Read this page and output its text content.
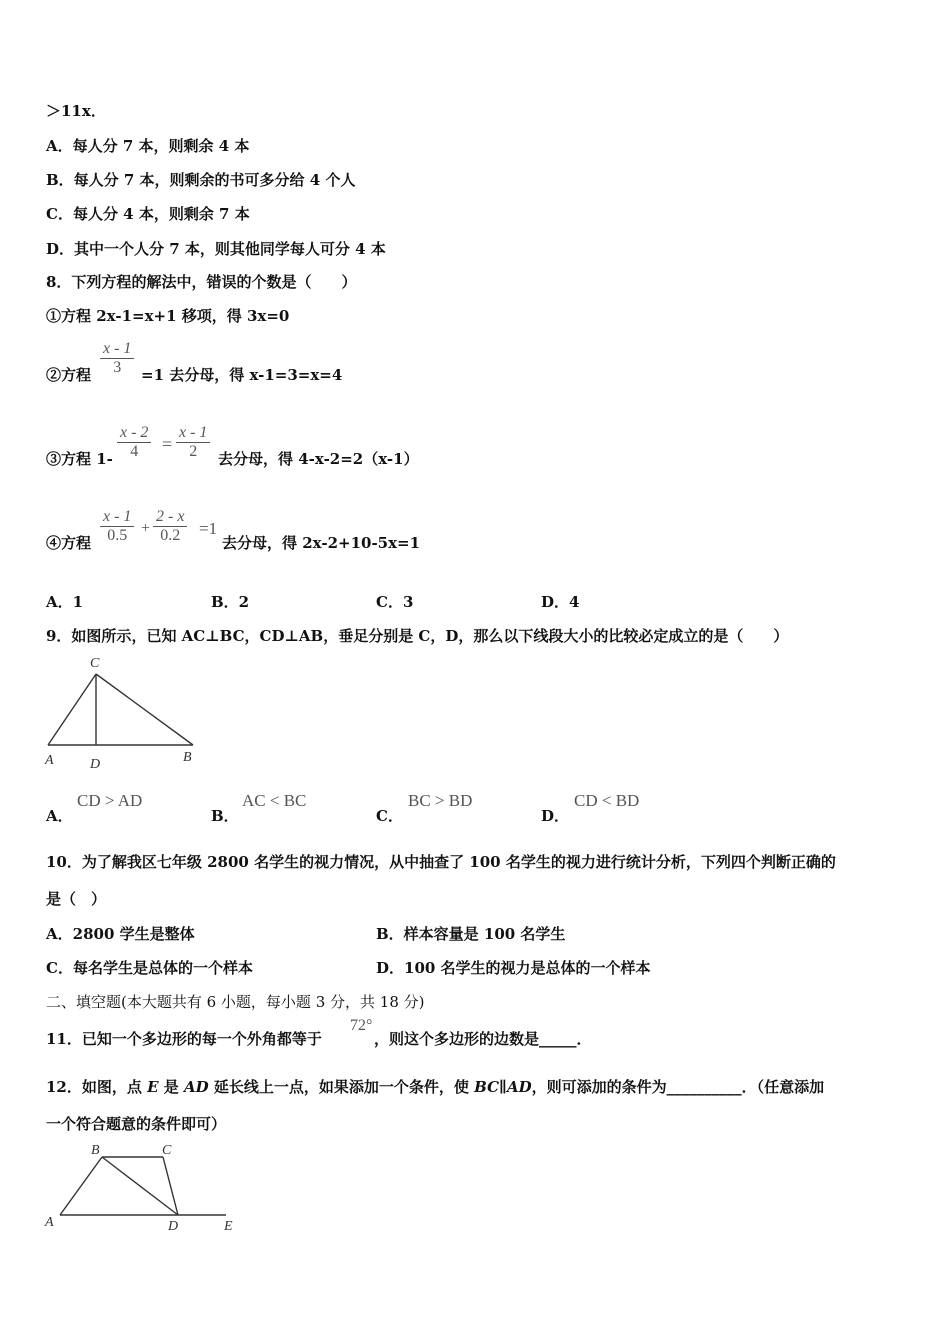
＞11x．
A．每人分 7 本，则剩余 4 本
B．每人分 7 本，则剩余的书可多分给 4 个人
C．每人分 4 本，则剩余 7 本
D．其中一个人分 7 本，则其他同学每人可分 4 本
8．下列方程的解法中，错误的个数是（　　）
①方程 2x-1=x+1 移项，得 3x=0
②方程
x - 1
3	=1 去分母，得 x-1=3=x=4
③方程 1-
x - 2
4	=
x - 1
2	去分母，得 4-x-2=2（x-1）
④方程
x - 1
0.5 +
2 - x
0.2	=1
去分母，得 2x-2+10-5x=1
A．1	B．2	C．3	D．4
9．如图所示，已知 AC⊥BC，CD⊥AB，垂足分别是 C，D，那么以下线段大小的比较必定成立的是（　　）
C
A	D	B
A．
CD > AD
B．
AC < BC
C．
BC > BD
D．
CD < BD
10．为了解我区七年级 2800 名学生的视力情况，从中抽查了 100 名学生的视力进行统计分析，下列四个判断正确的
是（　）
A．2800 学生是整体	B．样本容量是 100 名学生
C．每名学生是总体的一个样本	D．100 名学生的视力是总体的一个样本
二、填空题(本大题共有 6 小题，每小题 3 分，共 18 分)
11．已知一个多边形的每一个外角都等于
72°
，则这个多边形的边数是_____．
12．如图，点 E 是 AD 延长线上一点，如果添加一个条件，使 BC∥AD，则可添加的条件为__________．（任意添加
一个符合题意的条件即可）
B	C
A	D	E
